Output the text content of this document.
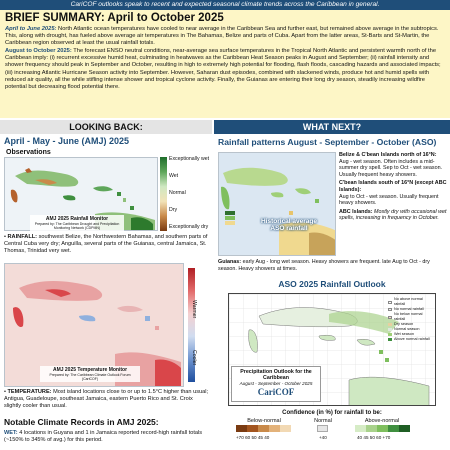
CariCOF outlooks speak to recent and expected seasonal climate trends across the Caribbean in general.
BRIEF SUMMARY: April to October 2025

April to June 2025: North Atlantic ocean temperatures have cooled to near average in the Caribbean Sea and further east, but remained above average in the subtropics. This, along with drought, has fueled above average air temperatures in The Bahamas, Belize and parts of Cuba. Apart from the latter areas, St-Barts and St-Martin, the Caribbean region observed at least the usual rainfall totals.

August to October 2025: The forecast ENSO neutral conditions, near-average sea surface temperatures in the Tropical North Atlantic and persistent warmth north of the Caribbean imply: (i) recurrent excessive humid heat, culminating in heatwaves as the Caribbean Heat Season peaks in August and September; (ii) rainfall intensity and shower frequency should peak in September and October, resulting in high to extremely high potential for flooding, flash floods, cascading hazards and associated impacts; (iii) increasing Atlantic Hurricane Season activity into September. However, Saharan dust episodes, combined with slackened winds, produce hot and humid spells with reduced air quality, all the while stifling intense shower and tropical cyclone activity. Finally, the Guianas are entering their long dry season, steadily increasing wildfire potential but decreasing flood potential there.

LOOKING BACK:	WHAT NEXT?
April - May - June (AMJ) 2025
Observations
AMJ 2025 Rainfall Monitor
Prepared by: The Caribbean Drought and Precipitation Monitoring Network (CDPMN)
Exceptionally wet
Wet
Normal
Dry
Exceptionally dry
• RAINFALL: southwest Belize, the Northwestern Bahamas, and southern parts of Central Cuba very dry; Anguilla, several parts of the Guianas, central Jamaica, St. Thomas, Trinidad very wet.
AMJ 2025 Temperature Monitor
Prepared by: The Caribbean Climate Outlook Forum (CariCOF)
Warmer
Cooler
• TEMPERATURE: Most island locations close to or up to 1.5°C higher than usual; Antigua, Guadeloupe, southeast Jamaica, eastern Puerto Rico and St. Croix slightly cooler than usual.
Notable Climate Records in AMJ 2025:
WET: 4 locations in Guyana and 1 in Jamaica reported record-high rainfall totals (~150% to 345% of avg.) for this period.
Rainfall patterns August - September - October (ASO)
Historical average ASO rainfall
Belize & C'bean Islands north of 16°N:
Aug - wet season. Often includes a mid-summer dry spell. Sep to Oct - wet season. Usually frequent heavy showers.
C'bean Islands south of 16°N (except ABC Islands):
Aug to Oct - wet season. Usually frequent heavy showers.
ABC Islands: Mostly dry with occasional wet spells, increasing in frequency in October.
Guianas: early Aug - long wet season. Heavy showers are frequent. late Aug to Oct - dry season. Heavy showers at times.
ASO 2025 Rainfall Outlook
Precipitation Outlook for the Caribbean
August - September - October 2025
CariCOF
No above normal rainfall
No normal rainfall
No below normal rainfall
Dry season
Normal season
Wet season
Above normal rainfall
Confidence (in %) for rainfall to be:
Below-normal	Normal	Above-normal
+70 60 50 45 40	+40	40 45 50 60 +70
